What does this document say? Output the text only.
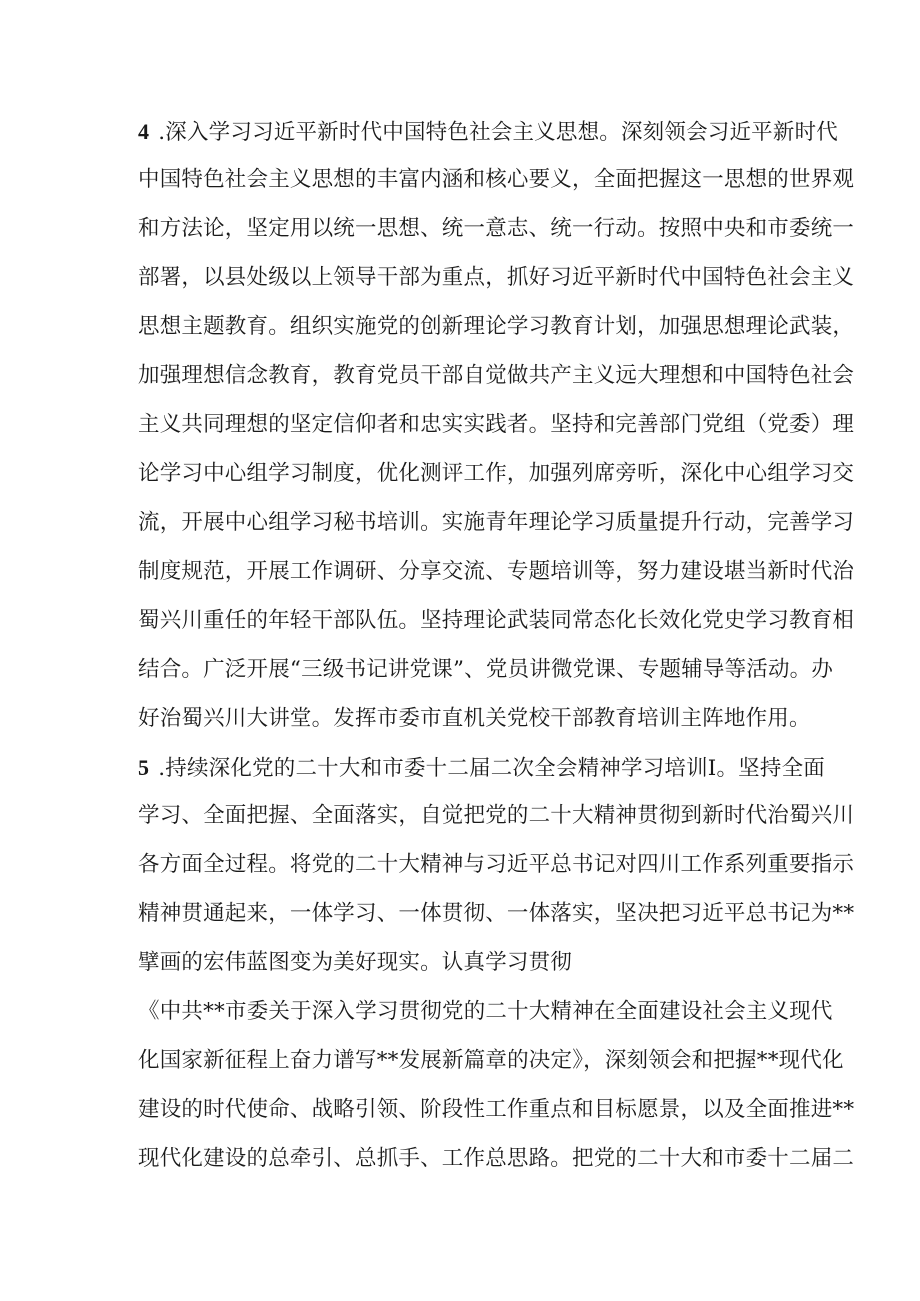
4 .深入学习习近平新时代中国特色社会主义思想。深刻领会习近平新时代
中国特色社会主义思想的丰富内涵和核心要义，全面把握这一思想的世界观
和方法论，坚定用以统一思想、统一意志、统一行动。按照中央和市委统一
部署，以县处级以上领导干部为重点，抓好习近平新时代中国特色社会主义
思想主题教育。组织实施党的创新理论学习教育计划，加强思想理论武装，
加强理想信念教育，教育党员干部自觉做共产主义远大理想和中国特色社会
主义共同理想的坚定信仰者和忠实实践者。坚持和完善部门党组（党委）理
论学习中心组学习制度，优化测评工作，加强列席旁听，深化中心组学习交
流，开展中心组学习秘书培训。实施青年理论学习质量提升行动，完善学习
制度规范，开展工作调研、分享交流、专题培训等，努力建设堪当新时代治
蜀兴川重任的年轻干部队伍。坚持理论武装同常态化长效化党史学习教育相
结合。广泛开展“三级书记讲党课”、党员讲微党课、专题辅导等活动。办
好治蜀兴川大讲堂。发挥市委市直机关党校干部教育培训主阵地作用。
5 .持续深化党的二十大和市委十二届二次全会精神学习培训I。坚持全面
学习、全面把握、全面落实，自觉把党的二十大精神贯彻到新时代治蜀兴川
各方面全过程。将党的二十大精神与习近平总书记对四川工作系列重要指示
精神贯通起来，一体学习、一体贯彻、一体落实，坚决把习近平总书记为**
擘画的宏伟蓝图变为美好现实。认真学习贯彻
《中共**市委关于深入学习贯彻党的二十大精神在全面建设社会主义现代
化国家新征程上奋力谱写**发展新篇章的决定》，深刻领会和把握**现代化
建设的时代使命、战略引领、阶段性工作重点和目标愿景，以及全面推进**
现代化建设的总牵引、总抓手、工作总思路。把党的二十大和市委十二届二
